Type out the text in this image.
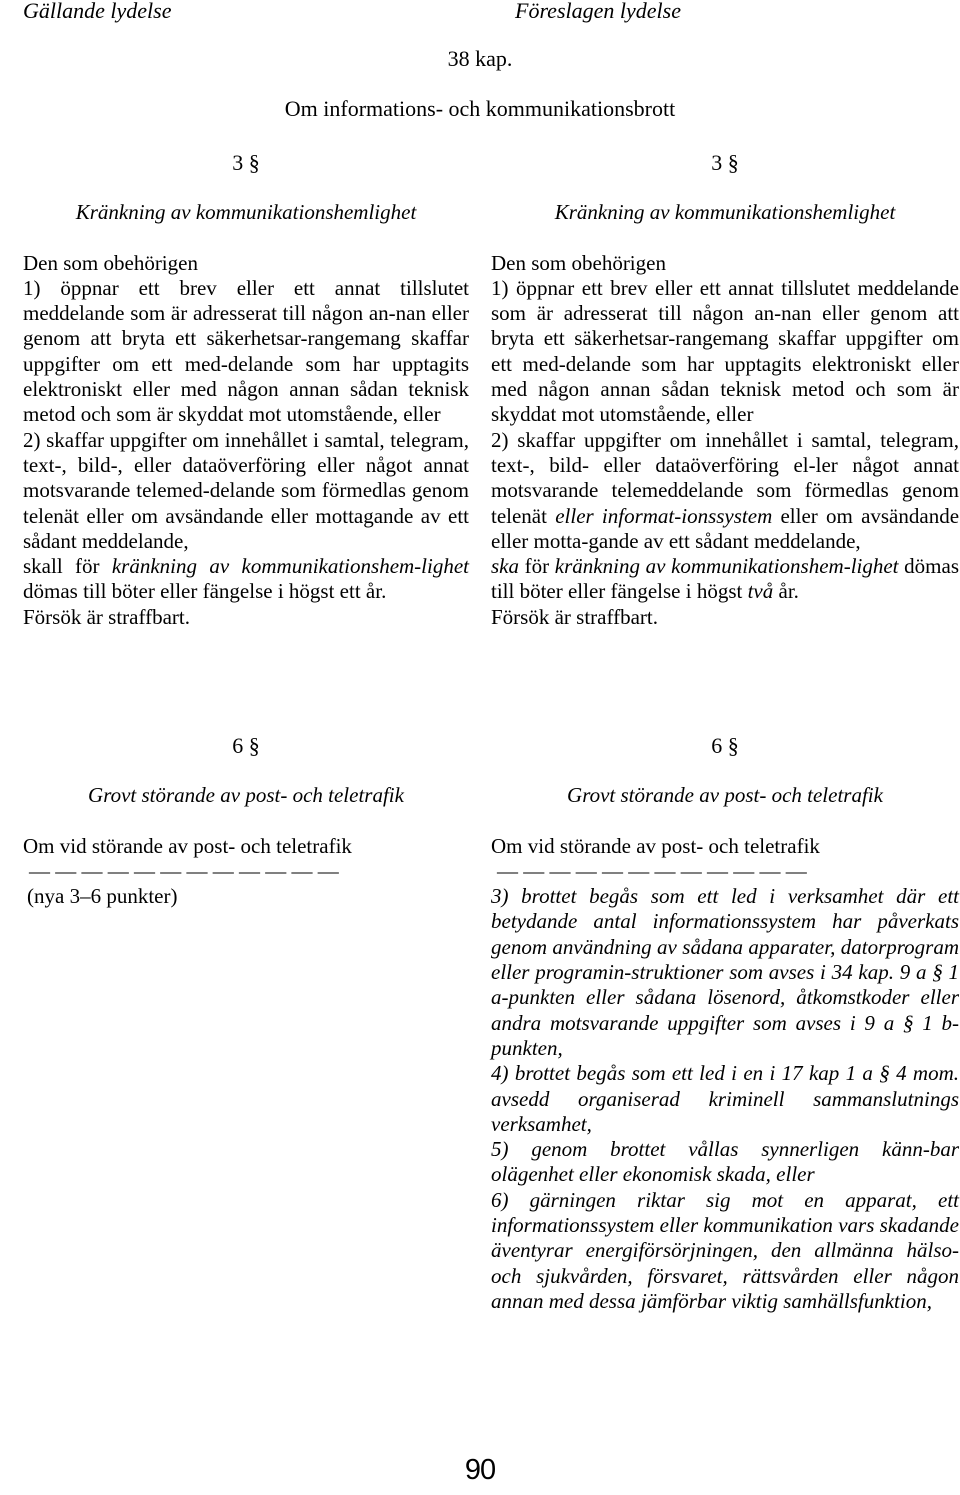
Gällande lydelse	Föreslagen lydelse
38 kap.
Om informations- och kommunikationsbrott
3 §
Kränkning av kommunikationshemlighet

Den som obehörigen

1) öppnar ett brev eller ett annat tillslutet meddelande som är adresserat till någon an-nan eller genom att bryta ett säkerhetsar-rangemang skaffar uppgifter om ett med-delande som har upptagits elektroniskt eller med någon annan sådan teknisk metod och som är skyddat mot utomstående, eller

2) skaffar uppgifter om innehållet i samtal, telegram, text-, bild-, eller dataöverföring eller något annat motsvarande telemed-delande som förmedlas genom telenät eller om avsändande eller mottagande av ett sådant meddelande,

skall för kränkning av kommunikationshem-lighet dömas till böter eller fängelse i högst ett år.

Försök är straffbart.

6 §
Grovt störande av post- och teletrafik

Om vid störande av post- och teletrafik

— — — — — — — — — — — —

(nya 3–6 punkter)

3 §
Kränkning av kommunikationshemlighet

Den som obehörigen

1) öppnar ett brev eller ett annat tillslutet meddelande som är adresserat till någon an-nan eller genom att bryta ett säkerhetsar-rangemang skaffar uppgifter om ett med-delande som har upptagits elektroniskt eller med någon annan sådan teknisk metod och som är skyddat mot utomstående, eller

2) skaffar uppgifter om innehållet i samtal, telegram, text-, bild- eller dataöverföring el-ler något annat motsvarande telemeddelande som förmedlas genom telenät eller informat-ionssystem eller om avsändande eller motta-gande av ett sådant meddelande,

ska för kränkning av kommunikationshem-lighet dömas till böter eller fängelse i högst två år.

Försök är straffbart.

6 §
Grovt störande av post- och teletrafik

Om vid störande av post- och teletrafik

— — — — — — — — — — — —

3) brottet begås som ett led i verksamhet där ett betydande antal informationssystem har påverkats genom användning av sådana apparater, datorprogram eller programin-struktioner som avses i 34 kap. 9 a § 1 a-punkten eller sådana lösenord, åtkomstkoder eller andra motsvarande uppgifter som avses i 9 a § 1 b-punkten,

4) brottet begås som ett led i en i 17 kap 1 a § 4 mom. avsedd organiserad kriminell sammanslutnings verksamhet,

5) genom brottet vållas synnerligen känn-bar olägenhet eller ekonomisk skada, eller

6) gärningen riktar sig mot en apparat, ett informationssystem eller kommunikation vars skadande äventyrar energiförsörjningen, den allmänna hälso- och sjukvården, försvaret, rättsvården eller någon annan med dessa jämförbar viktig samhällsfunktion,

90
